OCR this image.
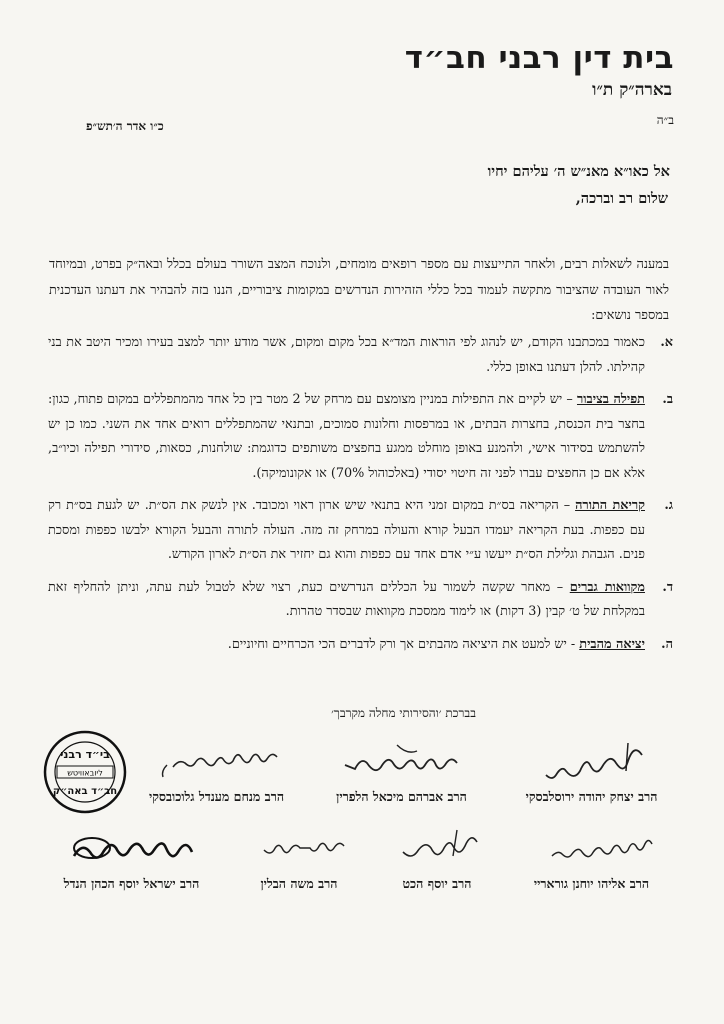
בית דין רבני חב״ד
בארה״ק ת״ו
ב״ה
כ״ו אדר ה׳תש״פ
אל כאו״א מאנ״ש ה׳ עליהם יחיו
שלום רב וברכה,
במענה לשאלות רבים, ולאחר התייעצות עם מספר רופאים מומחים, ולנוכח המצב השורר בעולם בכלל ובאה״ק בפרט, ובמיוחד לאור העובדה שהציבור מתקשה לעמוד בכל כללי הזהירות הנדרשים במקומות ציבוריים, הננו בזה להבהיר את דעתנו העדכנית במספר נושאים:
א.
כאמור במכתבנו הקודם, יש לנהוג לפי הוראות המד״א בכל מקום ומקום, אשר מודע יותר למצב בעירו ומכיר היטב את בני קהילתו. להלן דעתנו באופן כללי.
ב.
תפילה בציבור – יש לקיים את התפילות במניין מצומצם עם מרחק של 2 מטר בין כל אחד מהמתפללים במקום פתוח, כגון: בחצר בית הכנסת, בחצרות הבתים, או במרפסות וחלונות סמוכים, ובתנאי שהמתפללים רואים אחד את השני. כמו כן יש להשתמש בסידור אישי, ולהמנע באופן מוחלט ממגע בחפצים משותפים כדוגמת: שולחנות, כסאות, סידורי תפילה וכיו״ב, אלא אם כן החפצים עברו לפני זה חיטוי יסודי (באלכוהול 70%) או אקונומיקה).
ג.
קריאת התורה – הקריאה בס״ת במקום זמני היא בתנאי שיש ארון ראוי ומכובד. אין לנשק את הס״ת. יש לגעת בס״ת רק עם כפפות. בעת הקריאה יעמדו הבעל קורא והעולה במרחק זה מזה. העולה לתורה והבעל הקורא ילבשו כפפות ומסכת פנים. הגבהת וגלילת הס״ת ייעשו ע״י אדם אחד עם כפפות והוא גם יחזיר את הס״ת לארון הקודש.
ד.
מקוואות גברים – מאחר שקשה לשמור על הכללים הנדרשים כעת, רצוי שלא לטבול לעת עתה, וניתן להחליף זאת במקלחת של ט׳ קבין (3 דקות) או לימוד ממסכת מקוואות שבסדר טהרות.
ה.
יציאה מהבית - יש למעט את היציאה מהבתים אך ורק לדברים הכי הכרחיים וחיוניים.
בברכת ׳והסירותי מחלה מקרבך׳
הרב יצחק יהודה ירוסלבסקי
הרב אברהם מיכאל הלפרין
הרב מנחם מענדל גלוכובסקי
הרב אליהו יוחנן גוראריי
הרב יוסף הכט
הרב משה הבלין
הרב ישראל יוסף הכהן הנדל
בי״ד רבני
ליובאוויטש
חב״ד באה״ק
